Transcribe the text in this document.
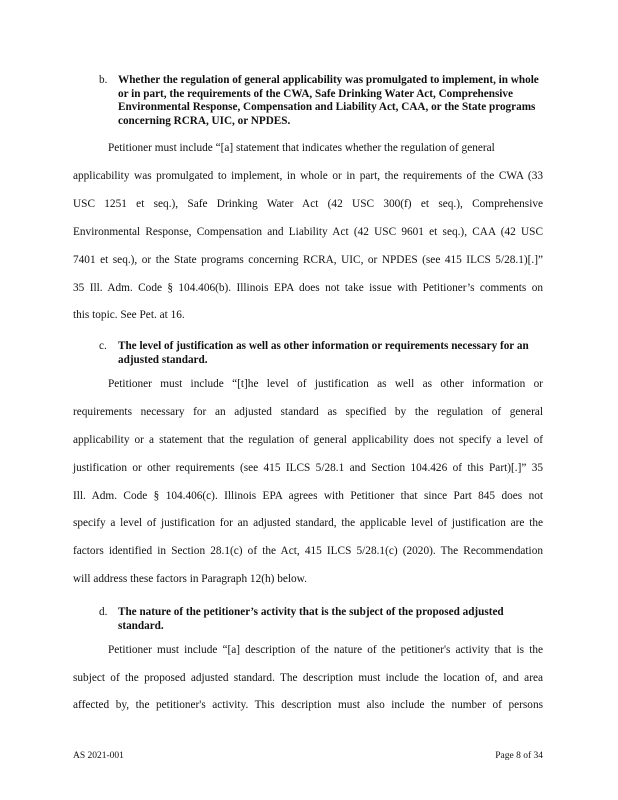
b. Whether the regulation of general applicability was promulgated to implement, in whole or in part, the requirements of the CWA, Safe Drinking Water Act, Comprehensive Environmental Response, Compensation and Liability Act, CAA, or the State programs concerning RCRA, UIC, or NPDES.
Petitioner must include “[a] statement that indicates whether the regulation of general
applicability was promulgated to implement, in whole or in part, the requirements of the CWA (33
USC 1251 et seq.), Safe Drinking Water Act (42 USC 300(f) et seq.), Comprehensive
Environmental Response, Compensation and Liability Act (42 USC 9601 et seq.), CAA (42 USC
7401 et seq.), or the State programs concerning RCRA, UIC, or NPDES (see 415 ILCS 5/28.1)[.]”
35 Ill. Adm. Code § 104.406(b). Illinois EPA does not take issue with Petitioner’s comments on
this topic. See Pet. at 16.
c. The level of justification as well as other information or requirements necessary for an adjusted standard.
Petitioner must include “[t]he level of justification as well as other information or
requirements necessary for an adjusted standard as specified by the regulation of general
applicability or a statement that the regulation of general applicability does not specify a level of
justification or other requirements (see 415 ILCS 5/28.1 and Section 104.426 of this Part)[.]” 35
Ill. Adm. Code § 104.406(c). Illinois EPA agrees with Petitioner that since Part 845 does not
specify a level of justification for an adjusted standard, the applicable level of justification are the
factors identified in Section 28.1(c) of the Act, 415 ILCS 5/28.1(c) (2020). The Recommendation
will address these factors in Paragraph 12(h) below.
d. The nature of the petitioner’s activity that is the subject of the proposed adjusted standard.
Petitioner must include “[a] description of the nature of the petitioner's activity that is the
subject of the proposed adjusted standard. The description must include the location of, and area
affected by, the petitioner's activity. This description must also include the number of persons
AS 2021-001	Page 8 of 34
